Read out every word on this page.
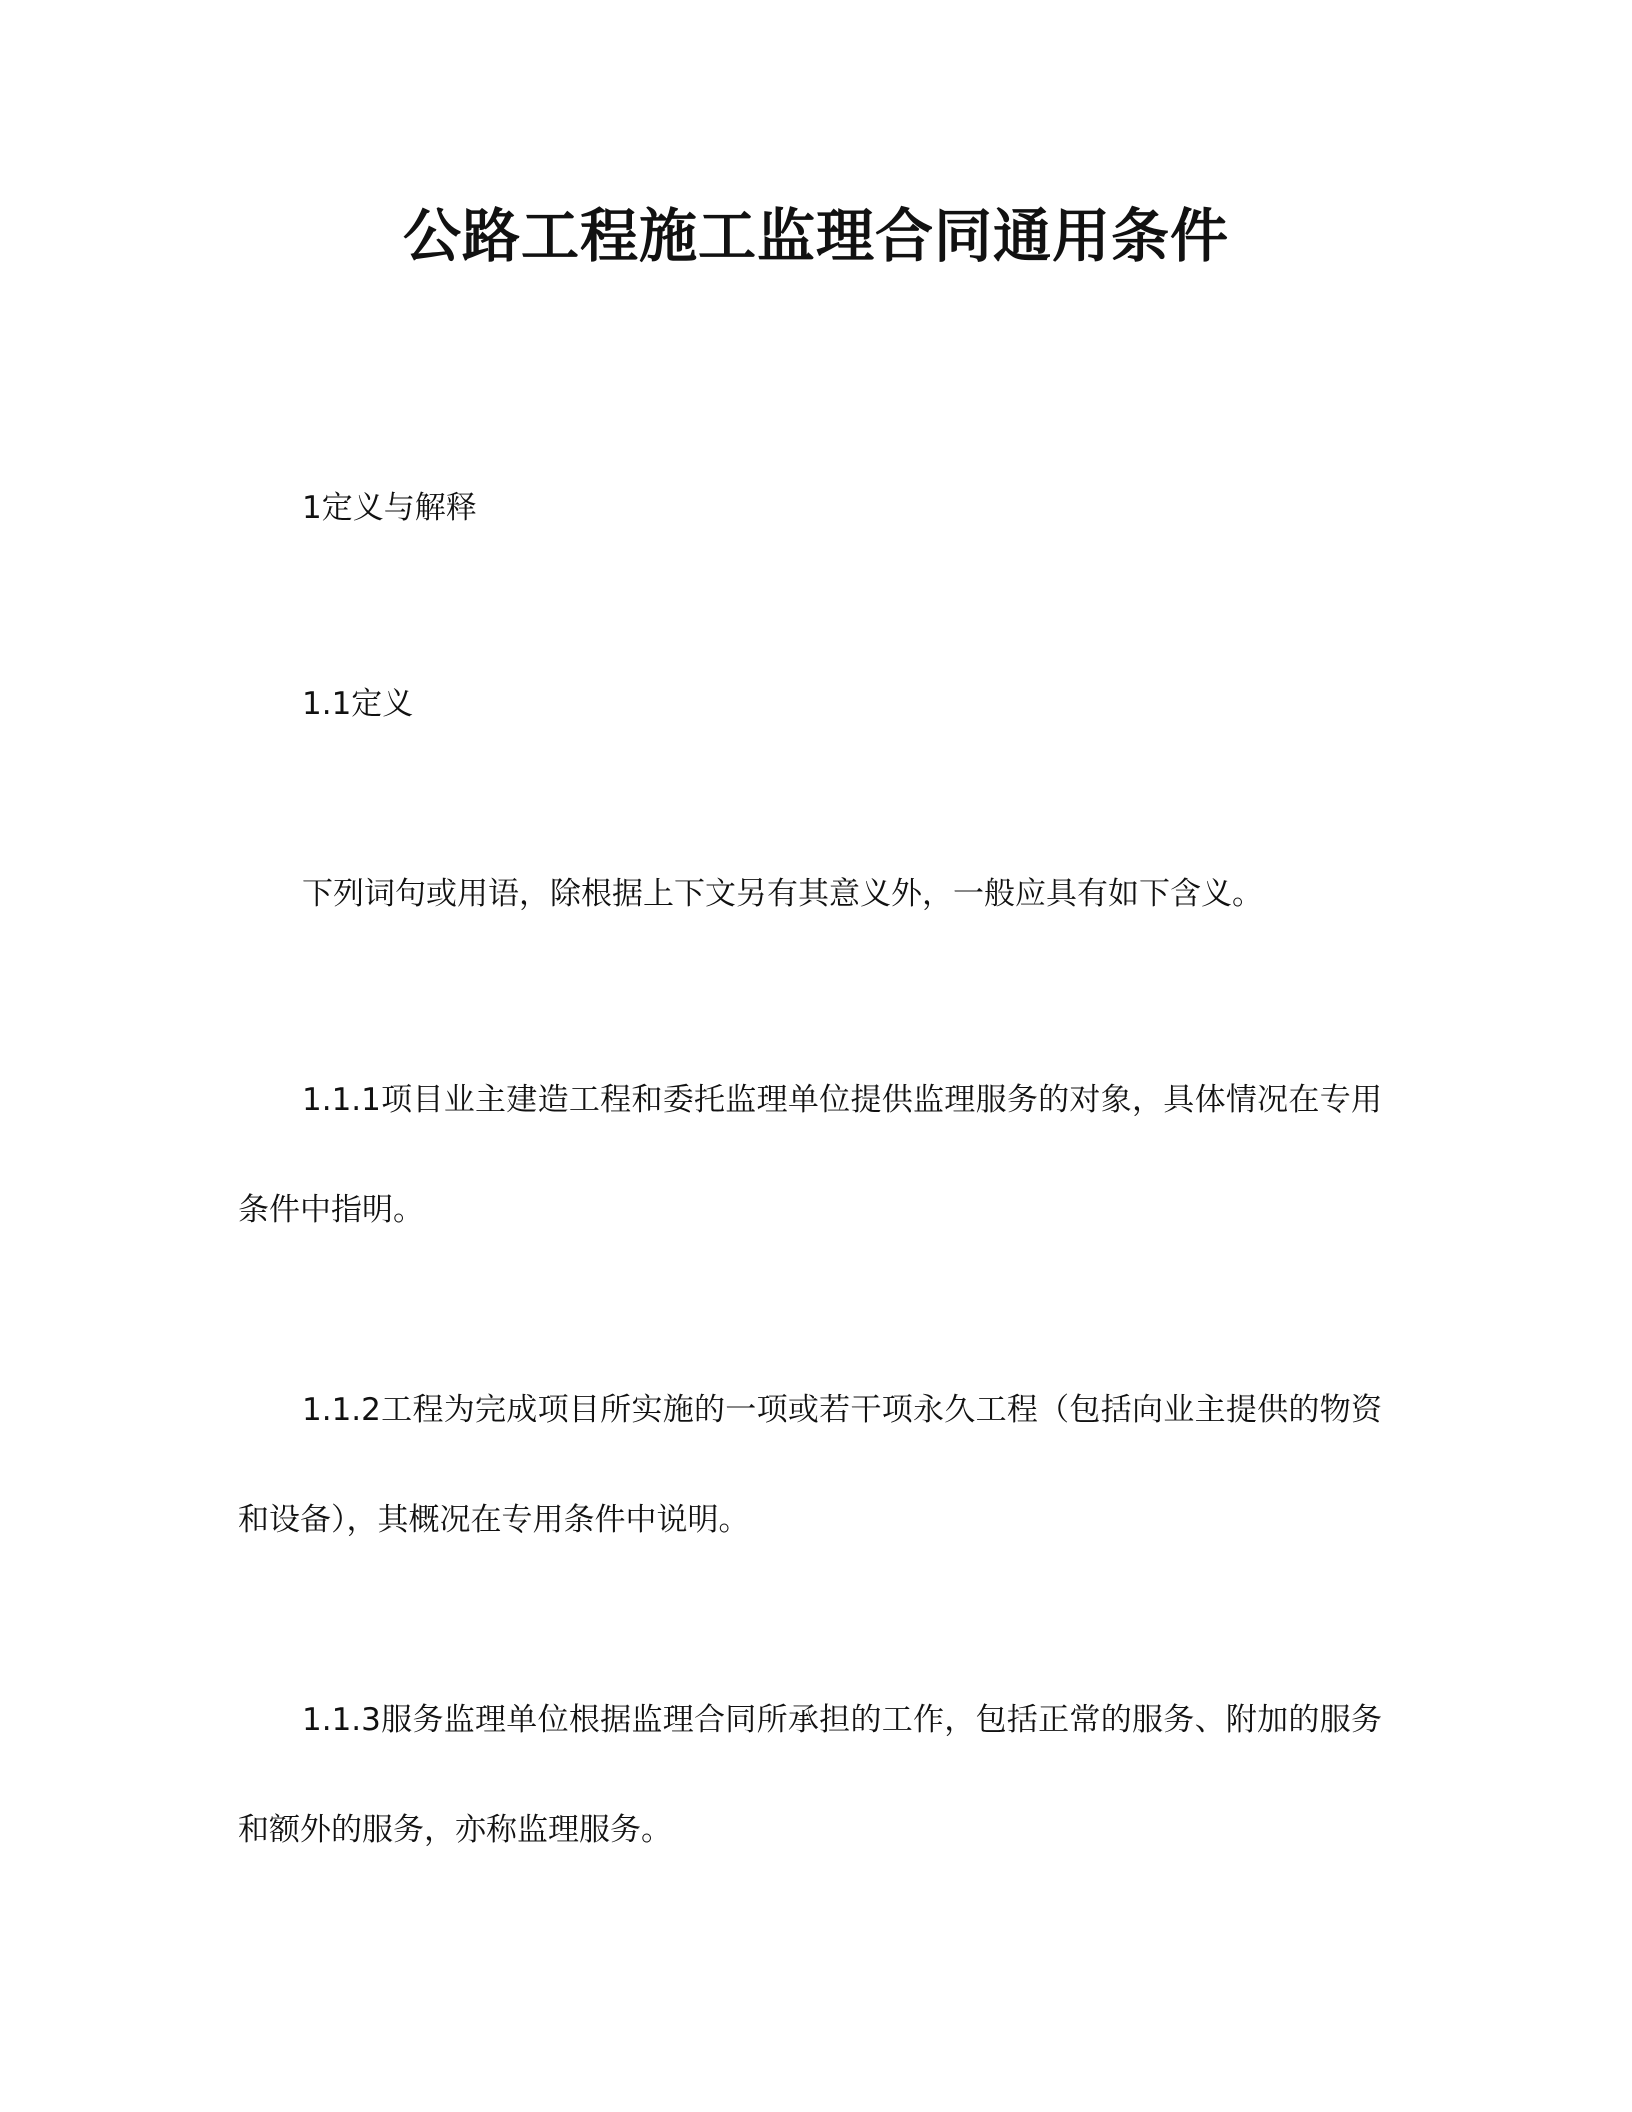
公路工程施工监理合同通用条件
1定义与解释
1.1定义
下列词句或用语，除根据上下文另有其意义外，一般应具有如下含义。
1.1.1项目业主建造工程和委托监理单位提供监理服务的对象，具体情况在专用
条件中指明。
1.1.2工程为完成项目所实施的一项或若干项永久工程（包括向业主提供的物资
和设备），其概况在专用条件中说明。
1.1.3服务监理单位根据监理合同所承担的工作，包括正常的服务、附加的服务
和额外的服务，亦称监理服务。
